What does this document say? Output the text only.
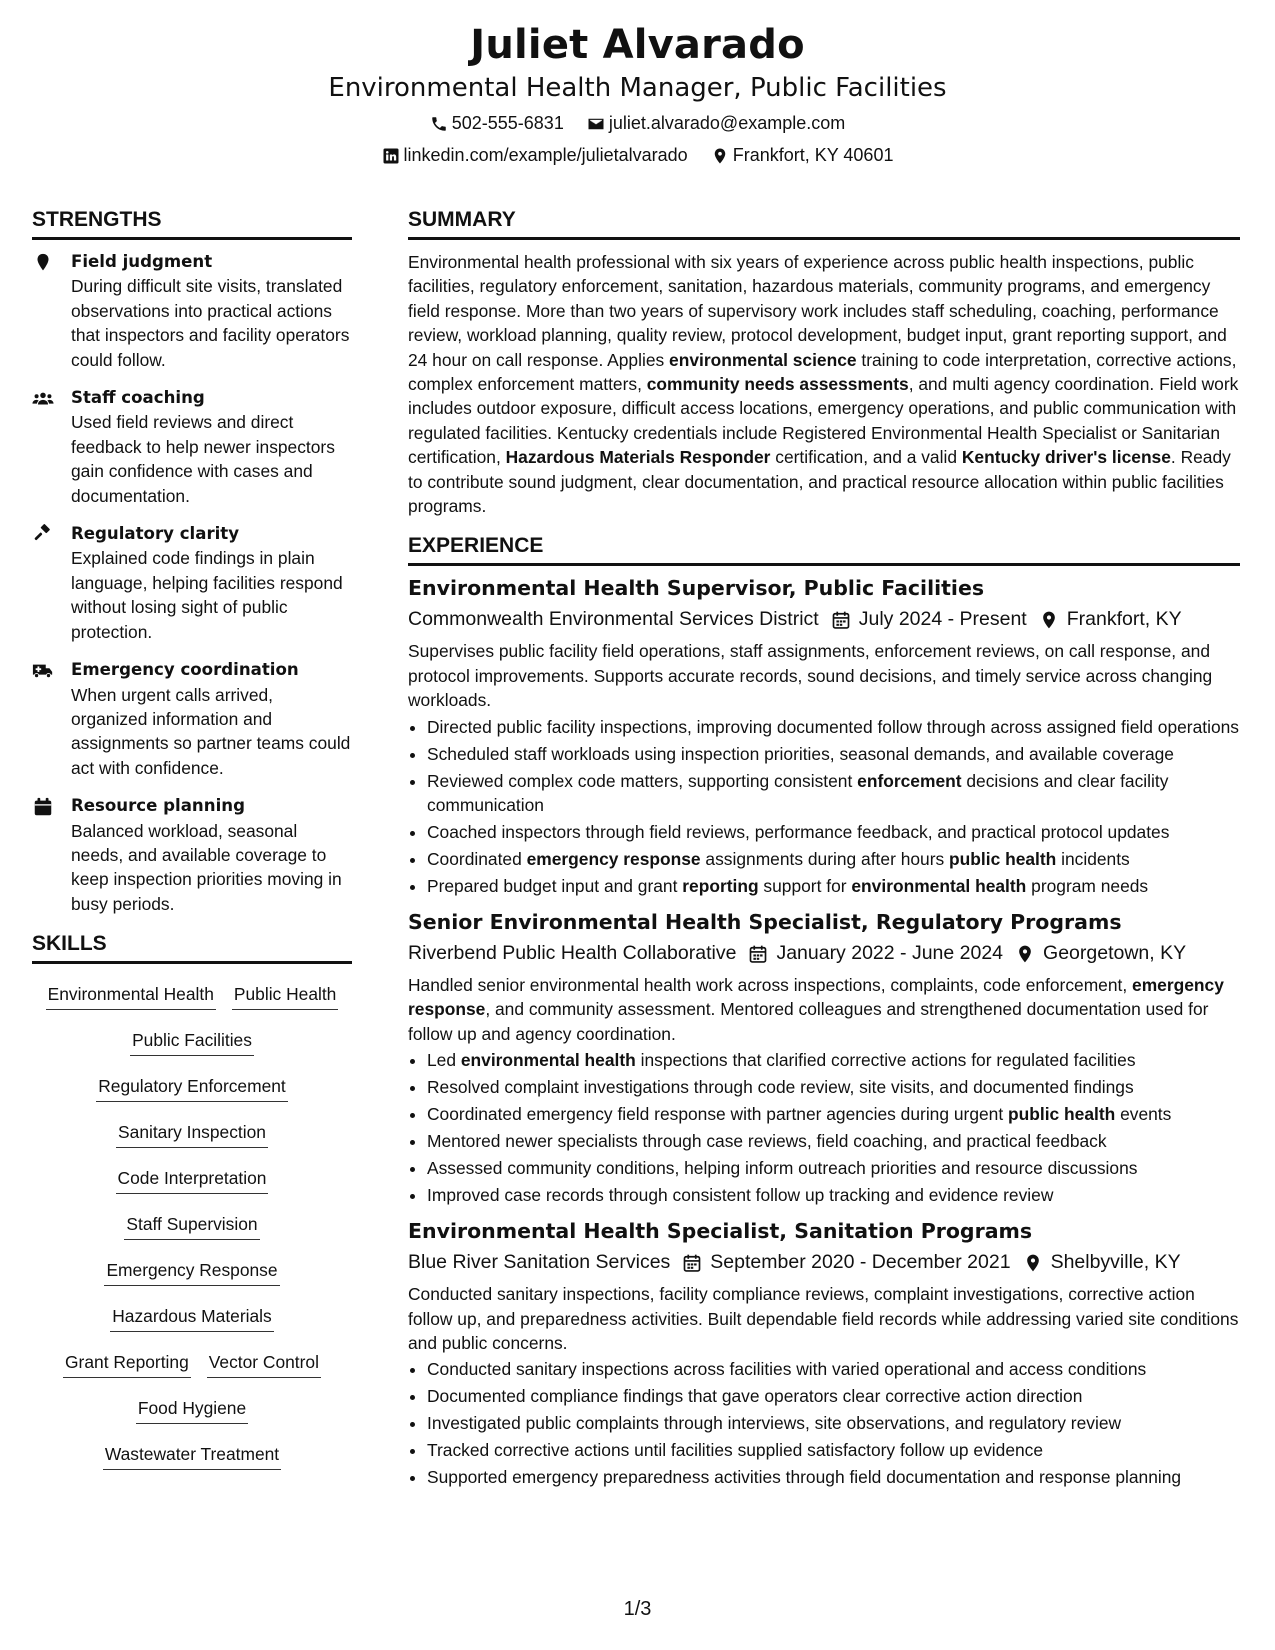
Juliet Alvarado
Environmental Health Manager, Public Facilities
502-555-6831
	juliet.alvarado@example.com
linkedin.com/example/julietalvarado
	Frankfort, KY 40601
STRENGTHS
Field judgment
During difficult site visits, translated observations into practical actions that inspectors and facility operators could follow.
Staff coaching
Used field reviews and direct feedback to help newer inspectors gain confidence with cases and documentation.
Regulatory clarity
Explained code findings in plain language, helping facilities respond without losing sight of public protection.
Emergency coordination
When urgent calls arrived, organized information and assignments so partner teams could act with confidence.
Resource planning
Balanced workload, seasonal needs, and available coverage to keep inspection priorities moving in busy periods.
SKILLS
Environmental Health Public Health
Public Facilities
Regulatory Enforcement
Sanitary Inspection
Code Interpretation
Staff Supervision
Emergency Response
Hazardous Materials
Grant Reporting Vector Control
Food Hygiene
Wastewater Treatment
SUMMARY
Environmental health professional with six years of experience across public health inspections, public facilities, regulatory enforcement, sanitation, hazardous materials, community programs, and emergency field response. More than two years of supervisory work includes staff scheduling, coaching, performance review, workload planning, quality review, protocol development, budget input, grant reporting support, and 24 hour on call response. Applies environmental science training to code interpretation, corrective actions, complex enforcement matters, community needs assessments, and multi agency coordination. Field work includes outdoor exposure, difficult access locations, emergency operations, and public communication with regulated facilities. Kentucky credentials include Registered Environmental Health Specialist or Sanitarian certification, Hazardous Materials Responder certification, and a valid Kentucky driver's license. Ready to contribute sound judgment, clear documentation, and practical resource allocation within public facilities programs.
EXPERIENCE
Environmental Health Supervisor, Public Facilities
Commonwealth Environmental Services District July 2024 - Present Frankfort, KY
Supervises public facility field operations, staff assignments, enforcement reviews, on call response, and protocol improvements. Supports accurate records, sound decisions, and timely service across changing workloads.
• Directed public facility inspections, improving documented follow through across assigned field operations
• Scheduled staff workloads using inspection priorities, seasonal demands, and available coverage
• Reviewed complex code matters, supporting consistent enforcement decisions and clear facility communication
• Coached inspectors through field reviews, performance feedback, and practical protocol updates
• Coordinated emergency response assignments during after hours public health incidents
• Prepared budget input and grant reporting support for environmental health program needs
Senior Environmental Health Specialist, Regulatory Programs
Riverbend Public Health Collaborative January 2022 - June 2024 Georgetown, KY
Handled senior environmental health work across inspections, complaints, code enforcement, emergency response, and community assessment. Mentored colleagues and strengthened documentation used for follow up and agency coordination.
• Led environmental health inspections that clarified corrective actions for regulated facilities
• Resolved complaint investigations through code review, site visits, and documented findings
• Coordinated emergency field response with partner agencies during urgent public health events
• Mentored newer specialists through case reviews, field coaching, and practical feedback
• Assessed community conditions, helping inform outreach priorities and resource discussions
• Improved case records through consistent follow up tracking and evidence review
Environmental Health Specialist, Sanitation Programs
Blue River Sanitation Services September 2020 - December 2021 Shelbyville, KY
Conducted sanitary inspections, facility compliance reviews, complaint investigations, corrective action follow up, and preparedness activities. Built dependable field records while addressing varied site conditions and public concerns.
• Conducted sanitary inspections across facilities with varied operational and access conditions
• Documented compliance findings that gave operators clear corrective action direction
• Investigated public complaints through interviews, site observations, and regulatory review
• Tracked corrective actions until facilities supplied satisfactory follow up evidence
• Supported emergency preparedness activities through field documentation and response planning
1/3
